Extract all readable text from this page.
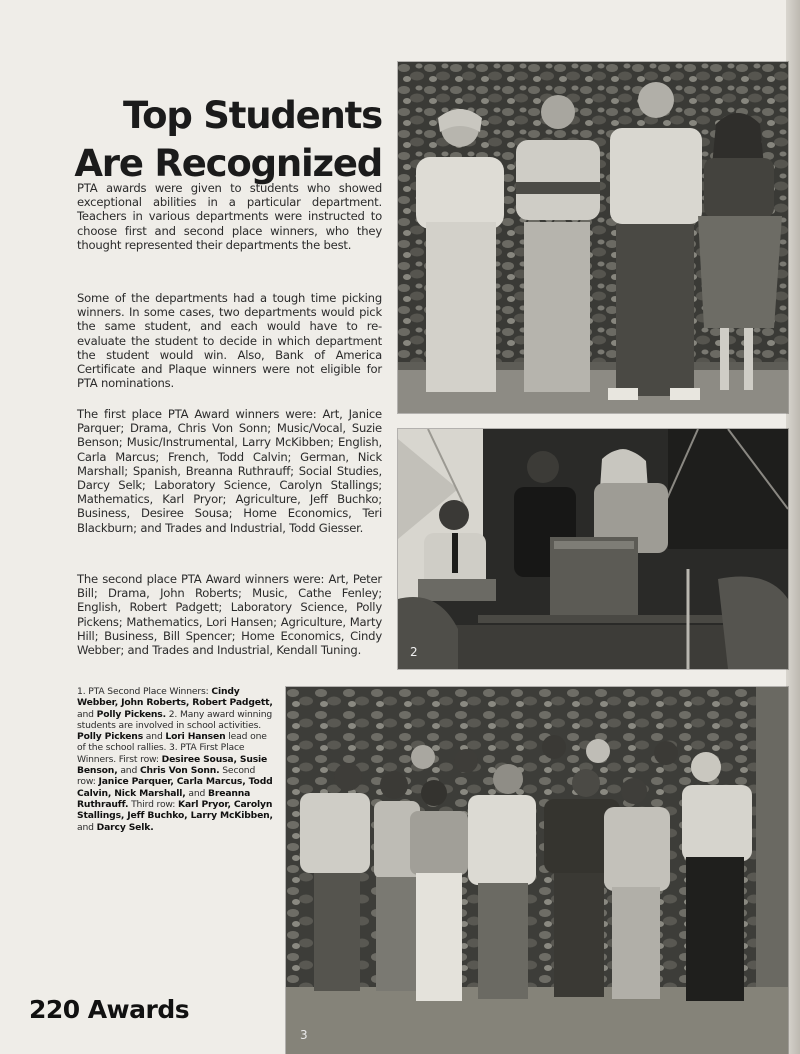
Top Students
Are Recognized

PTA awards were given to students who showed exceptional abilities in a particular department. Teachers in various departments were instructed to choose first and second place winners, who they thought represented their departments the best.

Some of the departments had a tough time picking winners. In some cases, two departments would pick the same student, and each would have to re-evaluate the student to decide in which department the student would win. Also, Bank of America Certificate and Plaque winners were not eligible for PTA nominations.

The first place PTA Award winners were: Art, Janice Parquer; Drama, Chris Von Sonn; Music/Vocal, Suzie Benson; Music/Instrumental, Larry McKibben; English, Carla Marcus; French, Todd Calvin; German, Nick Marshall; Spanish, Breanna Ruthrauff; Social Studies, Darcy Selk; Laboratory Science, Carolyn Stallings; Mathematics, Karl Pryor; Agriculture, Jeff Buchko; Business, Desiree Sousa; Home Economics, Teri Blackburn; and Trades and Industrial, Todd Giesser.

The second place PTA Award winners were: Art, Peter Bill; Drama, John Roberts; Music, Cathe Fenley; English, Robert Padgett; Laboratory Science, Polly Pickens; Mathematics, Lori Hansen; Agriculture, Marty Hill; Business, Bill Spencer; Home Economics, Cindy Webber; and Trades and Industrial, Kendall Tuning.

1. PTA Second Place Winners: Cindy Webber, John Roberts, Robert Padgett, and Polly Pickens. 2. Many award winning students are involved in school activities. Polly Pickens and Lori Hansen lead one of the school rallies. 3. PTA First Place Winners. First row: Desiree Sousa, Susie Benson, and Chris Von Sonn. Second row: Janice Parquer, Carla Marcus, Todd Calvin, Nick Marshall, and Breanna Ruthrauff. Third row: Karl Pryor, Carolyn Stallings, Jeff Buchko, Larry McKibben, and Darcy Selk.

2
3

220 Awards
